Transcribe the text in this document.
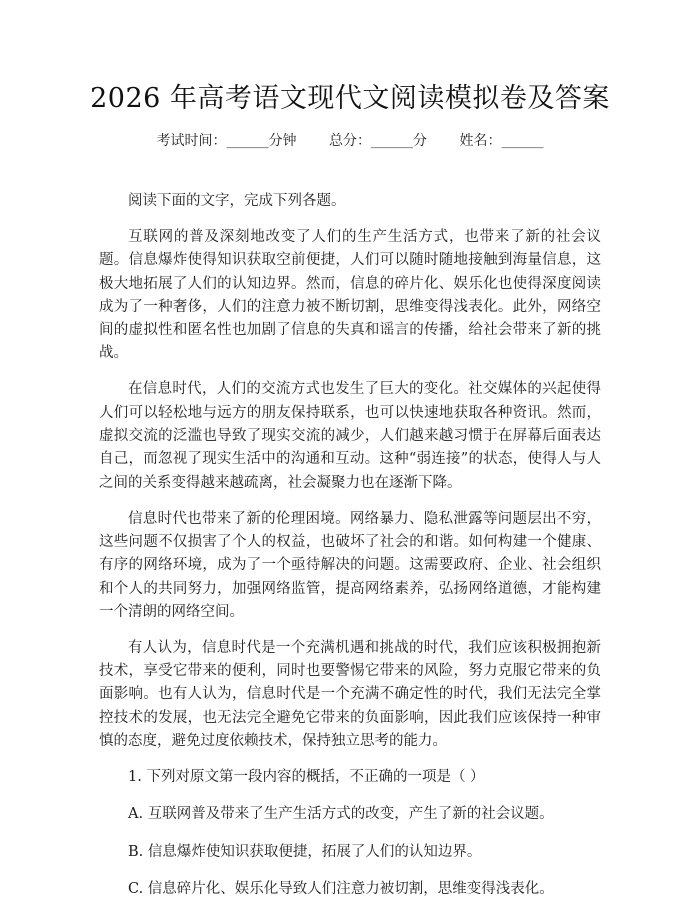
2026 年高考语文现代文阅读模拟卷及答案
考试时间：______分钟 总分：______分 姓名：______

阅读下面的文字，完成下列各题。

互联网的普及深刻地改变了人们的生产生活方式，也带来了新的社会议题。信息爆炸使得知识获取空前便捷，人们可以随时随地接触到海量信息，这极大地拓展了人们的认知边界。然而，信息的碎片化、娱乐化也使得深度阅读成为了一种奢侈，人们的注意力被不断切割，思维变得浅表化。此外，网络空间的虚拟性和匿名性也加剧了信息的失真和谣言的传播，给社会带来了新的挑战。

在信息时代，人们的交流方式也发生了巨大的变化。社交媒体的兴起使得人们可以轻松地与远方的朋友保持联系，也可以快速地获取各种资讯。然而，虚拟交流的泛滥也导致了现实交流的减少，人们越来越习惯于在屏幕后面表达自己，而忽视了现实生活中的沟通和互动。这种“弱连接”的状态，使得人与人之间的关系变得越来越疏离，社会凝聚力也在逐渐下降。

信息时代也带来了新的伦理困境。网络暴力、隐私泄露等问题层出不穷，这些问题不仅损害了个人的权益，也破坏了社会的和谐。如何构建一个健康、有序的网络环境，成为了一个亟待解决的问题。这需要政府、企业、社会组织和个人的共同努力，加强网络监管，提高网络素养，弘扬网络道德，才能构建一个清朗的网络空间。

有人认为，信息时代是一个充满机遇和挑战的时代，我们应该积极拥抱新技术，享受它带来的便利，同时也要警惕它带来的风险，努力克服它带来的负面影响。也有人认为，信息时代是一个充满不确定性的时代，我们无法完全掌控技术的发展，也无法完全避免它带来的负面影响，因此我们应该保持一种审慎的态度，避免过度依赖技术，保持独立思考的能力。

1. 下列对原文第一段内容的概括，不正确的一项是（ ）

A. 互联网普及带来了生产生活方式的改变，产生了新的社会议题。

B. 信息爆炸使知识获取便捷，拓展了人们的认知边界。

C. 信息碎片化、娱乐化导致人们注意力被切割，思维变得浅表化。
